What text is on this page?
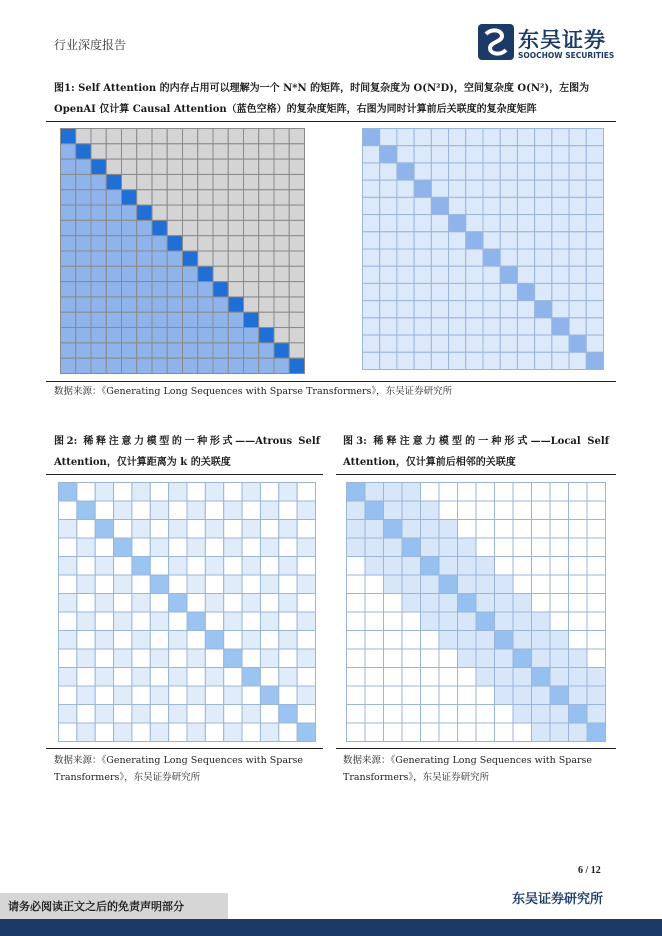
行业深度报告	东吴证券
SOOCHOW SECURITIES
图1: Self Attention 的内存占用可以理解为一个 N*N 的矩阵，时间复杂度为 O(N²D)，空间复杂度 O(N²)，左图为
OpenAI 仅计算 Causal Attention（蓝色空格）的复杂度矩阵，右图为同时计算前后关联度的复杂度矩阵
数据来源：《Generating Long Sequences with Sparse Transformers》，东吴证券研究所
图2: 稀释注意力模型的一种形式——Atrous Self
Attention，仅计算距离为 k 的关联度
数据来源：《Generating Long Sequences with Sparse
Transformers》，东吴证券研究所
图3: 稀释注意力模型的一种形式——Local Self
Attention，仅计算前后相邻的关联度
数据来源：《Generating Long Sequences with Sparse
Transformers》，东吴证券研究所
6 / 12
东吴证券研究所
请务必阅读正文之后的免责声明部分
